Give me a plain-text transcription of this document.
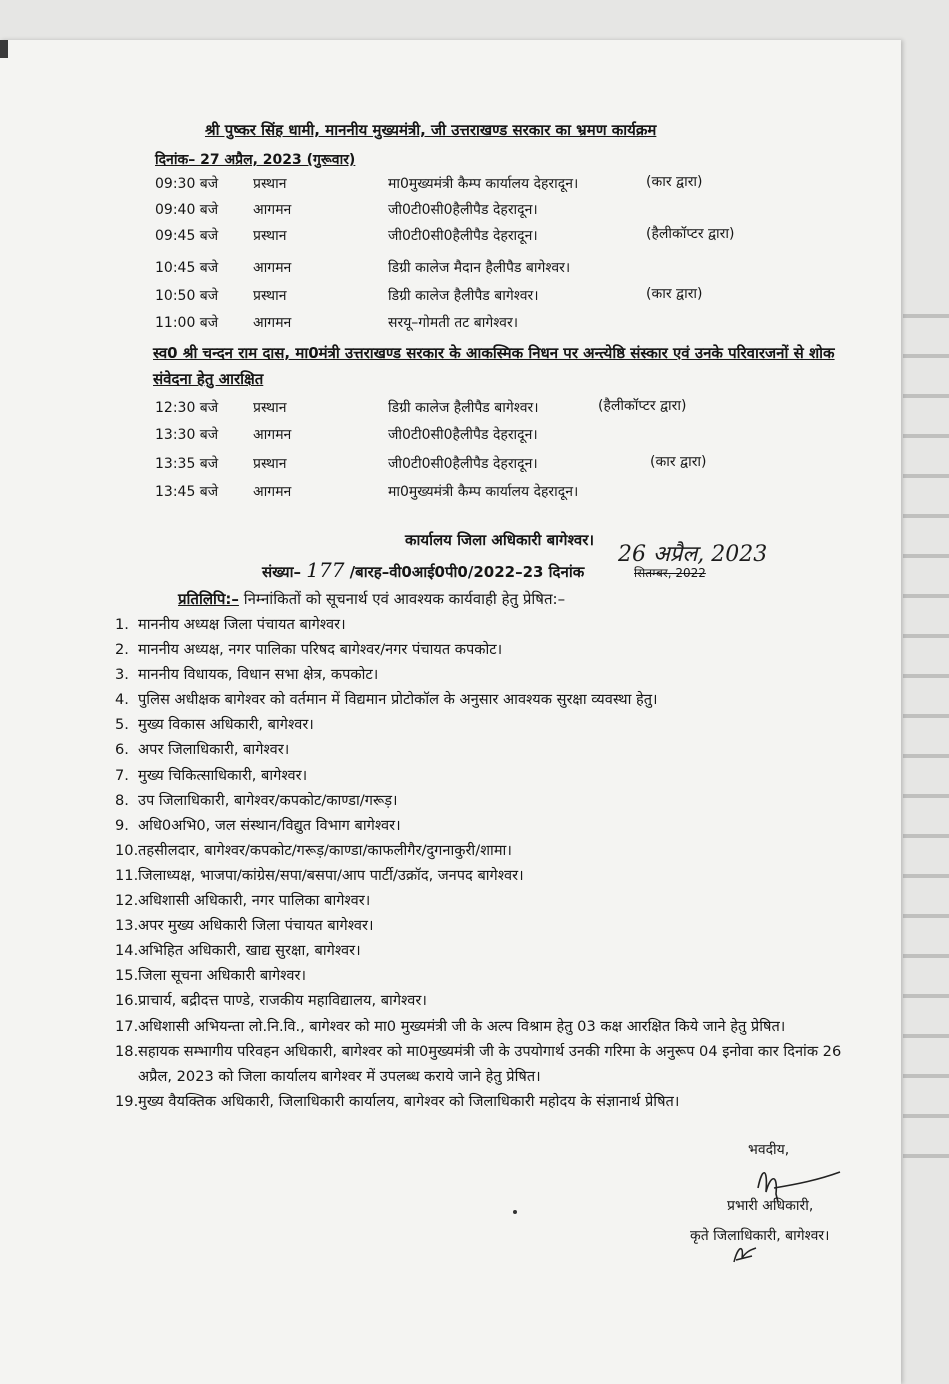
श्री पुष्कर सिंह धामी, माननीय मुख्यमंत्री, जी उत्तराखण्ड सरकार का भ्रमण कार्यक्रम
दिनांक– 27 अप्रैल, 2023 (गुरूवार)
09:30 बजे प्रस्थान	मा0मुख्यमंत्री कैम्प कार्यालय देहरादून।	(कार द्वारा)
09:40 बजे आगमन	जी0टी0सी0हैलीपैड देहरादून।
09:45 बजे प्रस्थान	जी0टी0सी0हैलीपैड देहरादून।	(हैलीकॉप्टर द्वारा)
10:45 बजे आगमन	डिग्री कालेज मैदान हैलीपैड बागेश्वर।
10:50 बजे प्रस्थान	डिग्री कालेज हैलीपैड बागेश्वर।	(कार द्वारा)
11:00 बजे आगमन	सरयू–गोमती तट बागेश्वर।
स्व0 श्री चन्दन राम दास, मा0मंत्री उत्तराखण्ड सरकार के आकस्मिक निधन पर अन्त्येष्ठि संस्कार एवं उनके परिवारजनों से शोक संवेदना हेतु आरक्षित
12:30 बजे प्रस्थान	डिग्री कालेज हैलीपैड बागेश्वर।	(हैलीकॉप्टर द्वारा)
13:30 बजे आगमन	जी0टी0सी0हैलीपैड देहरादून।
13:35 बजे प्रस्थान	जी0टी0सी0हैलीपैड देहरादून।	(कार द्वारा)
13:45 बजे आगमन	मा0मुख्यमंत्री कैम्प कार्यालय देहरादून।
कार्यालय जिला अधिकारी बागेश्वर।
संख्या– 177 /बारह–वी0आई0पी0/2022–23 दिनांक
26 अप्रैल, 2023
सितम्बर, 2022
प्रतिलिपि:– निम्नांकितों को सूचनार्थ एवं आवश्यक कार्यवाही हेतु प्रेषित:–
1. माननीय अध्यक्ष जिला पंचायत बागेश्वर।
2. माननीय अध्यक्ष, नगर पालिका परिषद बागेश्वर/नगर पंचायत कपकोट।
3. माननीय विधायक, विधान सभा क्षेत्र, कपकोट।
4. पुलिस अधीक्षक बागेश्वर को वर्तमान में विद्यमान प्रोटोकॉल के अनुसार आवश्यक सुरक्षा व्यवस्था हेतु।
5. मुख्य विकास अधिकारी, बागेश्वर।
6. अपर जिलाधिकारी, बागेश्वर।
7. मुख्य चिकित्साधिकारी, बागेश्वर।
8. उप जिलाधिकारी, बागेश्वर/कपकोट/काण्डा/गरूड़।
9. अधि0अभि0, जल संस्थान/विद्युत विभाग बागेश्वर।
10. तहसीलदार, बागेश्वर/कपकोट/गरूड़/काण्डा/काफलीगैर/दुगनाकुरी/शामा।
11. जिलाध्यक्ष, भाजपा/कांग्रेस/सपा/बसपा/आप पार्टी/उक्रॉद, जनपद बागेश्वर।
12. अधिशासी अधिकारी, नगर पालिका बागेश्वर।
13. अपर मुख्य अधिकारी जिला पंचायत बागेश्वर।
14. अभिहित अधिकारी, खाद्य सुरक्षा, बागेश्वर।
15. जिला सूचना अधिकारी बागेश्वर।
16. प्राचार्य, बद्रीदत्त पाण्डे, राजकीय महाविद्यालय, बागेश्वर।
17. अधिशासी अभियन्ता लो.नि.वि., बागेश्वर को मा0 मुख्यमंत्री जी के अल्प विश्राम हेतु 03 कक्ष आरक्षित किये जाने हेतु प्रेषित।
18. सहायक सम्भागीय परिवहन अधिकारी, बागेश्वर को मा0मुख्यमंत्री जी के उपयोगार्थ उनकी गरिमा के अनुरूप 04 इनोवा कार दिनांक 26 अप्रैल, 2023 को जिला कार्यालय बागेश्वर में उपलब्ध कराये जाने हेतु प्रेषित।
19. मुख्य वैयक्तिक अधिकारी, जिलाधिकारी कार्यालय, बागेश्वर को जिलाधिकारी महोदय के संज्ञानार्थ प्रेषित।
भवदीय,
प्रभारी अधिकारी,
कृते जिलाधिकारी, बागेश्वर।
